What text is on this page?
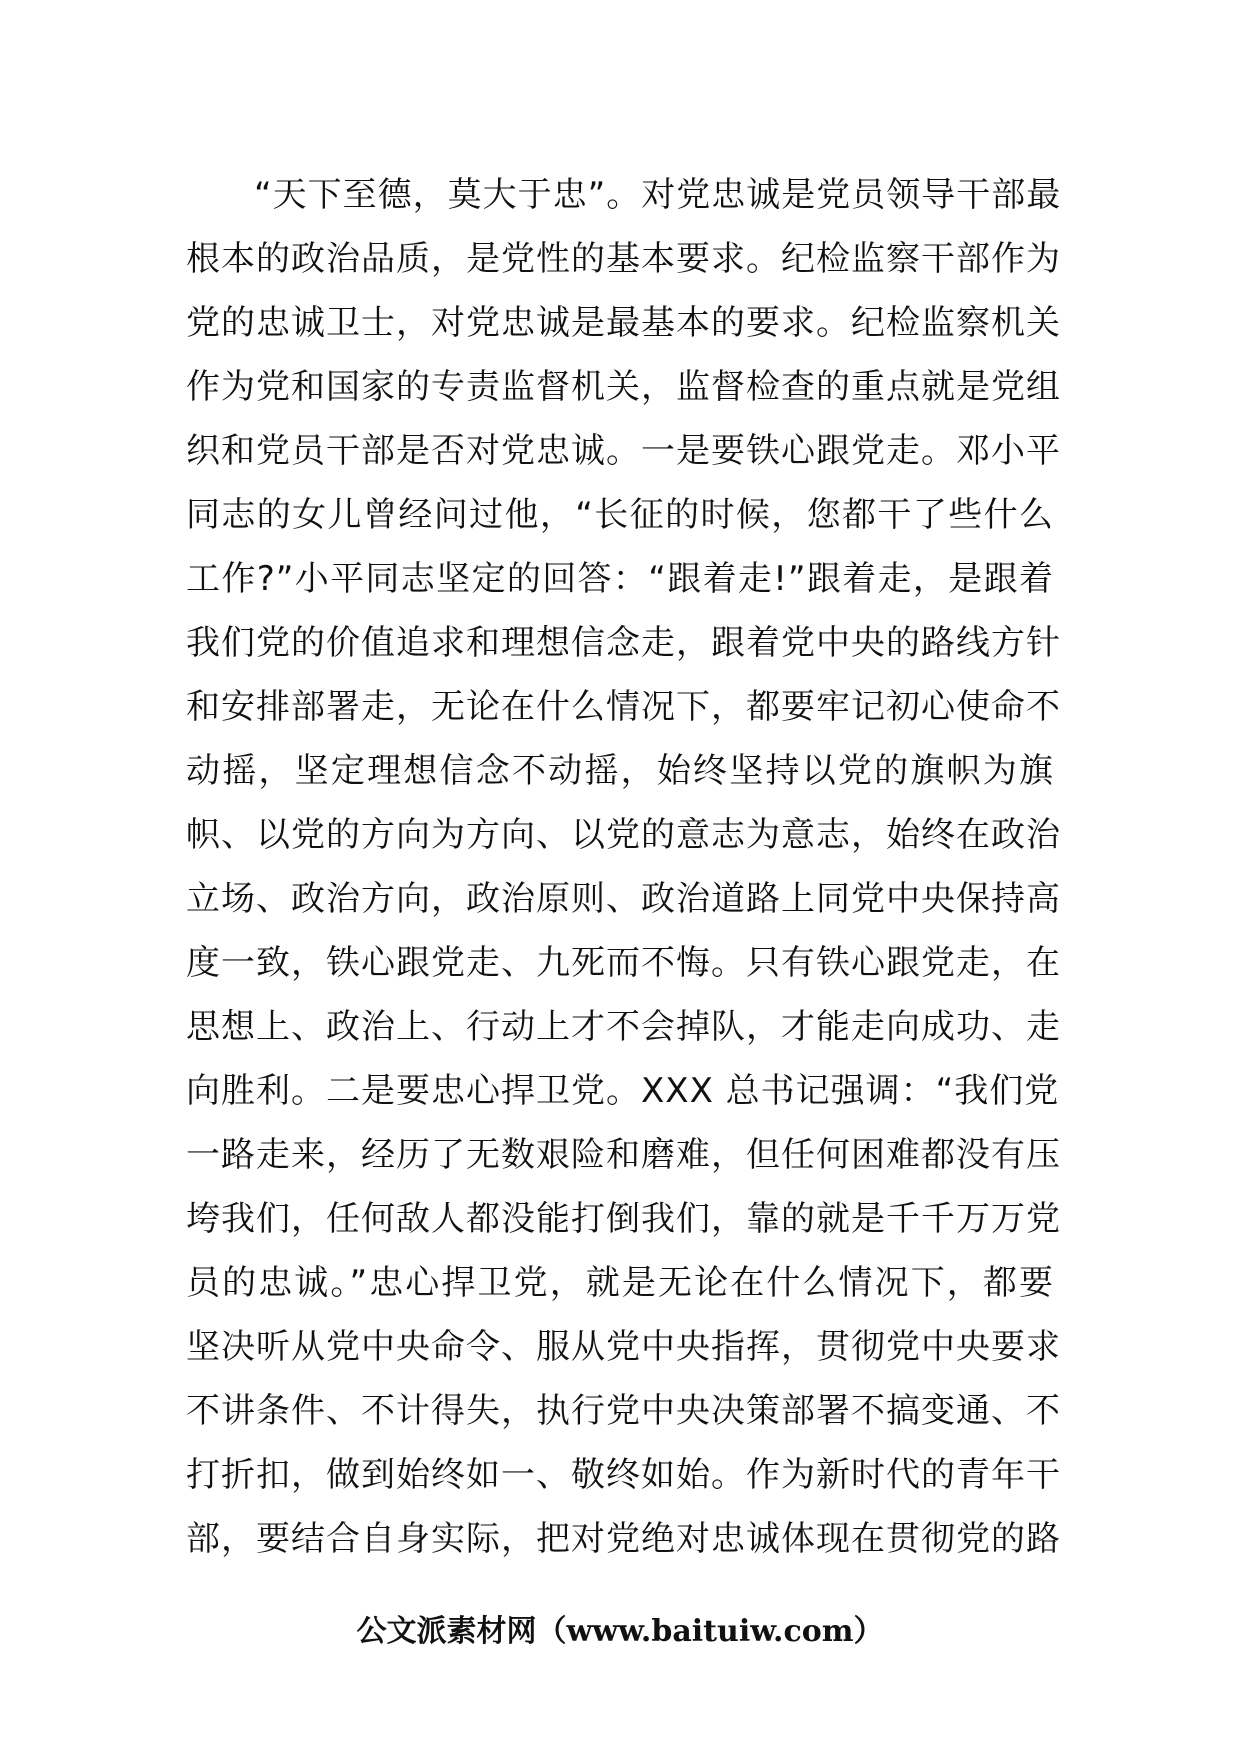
“天下至德，莫大于忠”。对党忠诚是党员领导干部最
根本的政治品质，是党性的基本要求。纪检监察干部作为
党的忠诚卫士，对党忠诚是最基本的要求。纪检监察机关
作为党和国家的专责监督机关，监督检查的重点就是党组
织和党员干部是否对党忠诚。一是要铁心跟党走。邓小平
同志的女儿曾经问过他，“长征的时候，您都干了些什么
工作?”小平同志坚定的回答：“跟着走!”跟着走，是跟着
我们党的价值追求和理想信念走，跟着党中央的路线方针
和安排部署走，无论在什么情况下，都要牢记初心使命不
动摇，坚定理想信念不动摇，始终坚持以党的旗帜为旗
帜、以党的方向为方向、以党的意志为意志，始终在政治
立场、政治方向，政治原则、政治道路上同党中央保持高
度一致，铁心跟党走、九死而不悔。只有铁心跟党走，在
思想上、政治上、行动上才不会掉队，才能走向成功、走
向胜利。二是要忠心捍卫党。XXX 总书记强调：“我们党
一路走来，经历了无数艰险和磨难，但任何困难都没有压
垮我们，任何敌人都没能打倒我们，靠的就是千千万万党
员的忠诚。”忠心捍卫党，就是无论在什么情况下，都要
坚决听从党中央命令、服从党中央指挥，贯彻党中央要求
不讲条件、不计得失，执行党中央决策部署不搞变通、不
打折扣，做到始终如一、敬终如始。作为新时代的青年干
部，要结合自身实际，把对党绝对忠诚体现在贯彻党的路
公文派素材网（www.baituiw.com）
